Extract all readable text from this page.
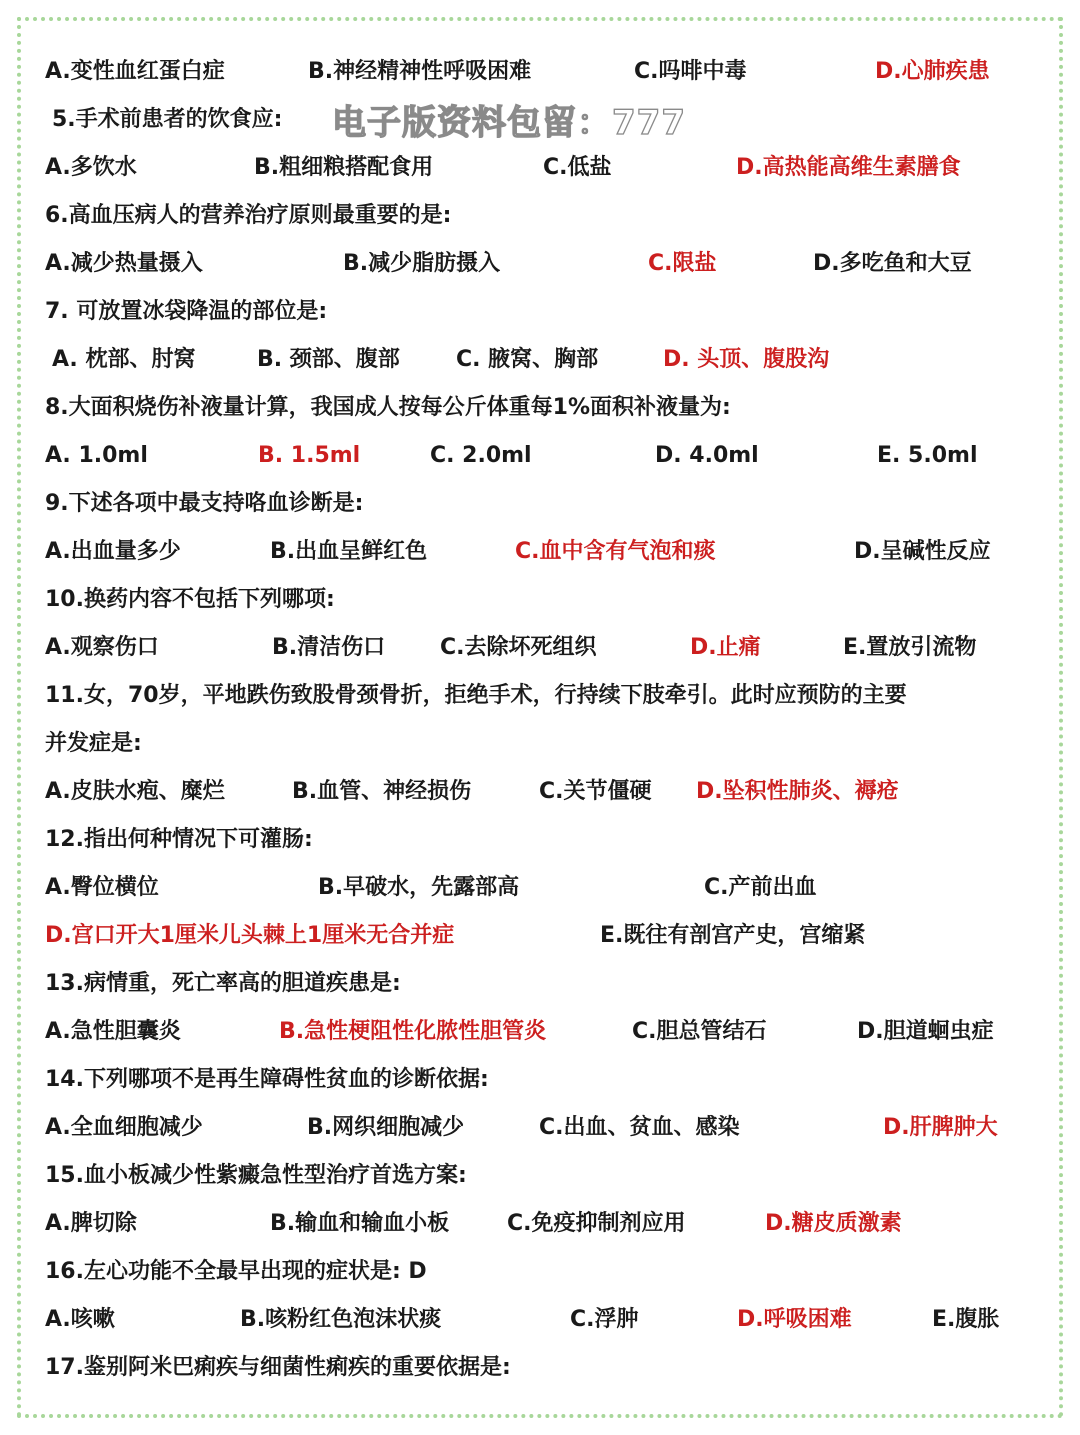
A.变性血红蛋白症	B.神经精神性呼吸困难	C.吗啡中毒	D.心肺疾患
5.手术前患者的饮食应: 电子版资料包留：777
A.多饮水	B.粗细粮搭配食用	C.低盐	D.高热能高维生素膳食
6.高血压病人的营养治疗原则最重要的是:
A.减少热量摄入	B.减少脂肪摄入	C.限盐	D.多吃鱼和大豆
7. 可放置冰袋降温的部位是:
A. 枕部、肘窝	B. 颈部、腹部	C. 腋窝、胸部	D. 头顶、腹股沟
8.大面积烧伤补液量计算，我国成人按每公斤体重每1%面积补液量为:
A. 1.0ml	B. 1.5ml	C. 2.0ml	D. 4.0ml	E. 5.0ml
9.下述各项中最支持咯血诊断是:
A.出血量多少	B.出血呈鲜红色	C.血中含有气泡和痰	D.呈碱性反应
10.换药内容不包括下列哪项:
A.观察伤口	B.清洁伤口 C.去除坏死组织	D.止痛	E.置放引流物
11.女，70岁，平地跌伤致股骨颈骨折，拒绝手术，行持续下肢牵引。此时应预防的主要
并发症是:
A.皮肤水疱、糜烂	B.血管、神经损伤	C.关节僵硬 D.坠积性肺炎、褥疮
12.指出何种情况下可灌肠:
A.臀位横位	B.早破水，先露部高	C.产前出血
D.宫口开大1厘米儿头棘上1厘米无合并症	E.既往有剖宫产史，宫缩紧
13.病情重，死亡率高的胆道疾患是:
A.急性胆囊炎	B.急性梗阻性化脓性胆管炎	C.胆总管结石	D.胆道蛔虫症
14.下列哪项不是再生障碍性贫血的诊断依据:
A.全血细胞减少	B.网织细胞减少	C.出血、贫血、感染	D.肝脾肿大
15.血小板减少性紫癜急性型治疗首选方案:
A.脾切除	B.输血和输血小板	C.免疫抑制剂应用	D.糖皮质激素
16.左心功能不全最早出现的症状是: D
A.咳嗽	B.咳粉红色泡沫状痰	C.浮肿	D.呼吸困难	E.腹胀
17.鉴别阿米巴痢疾与细菌性痢疾的重要依据是:
